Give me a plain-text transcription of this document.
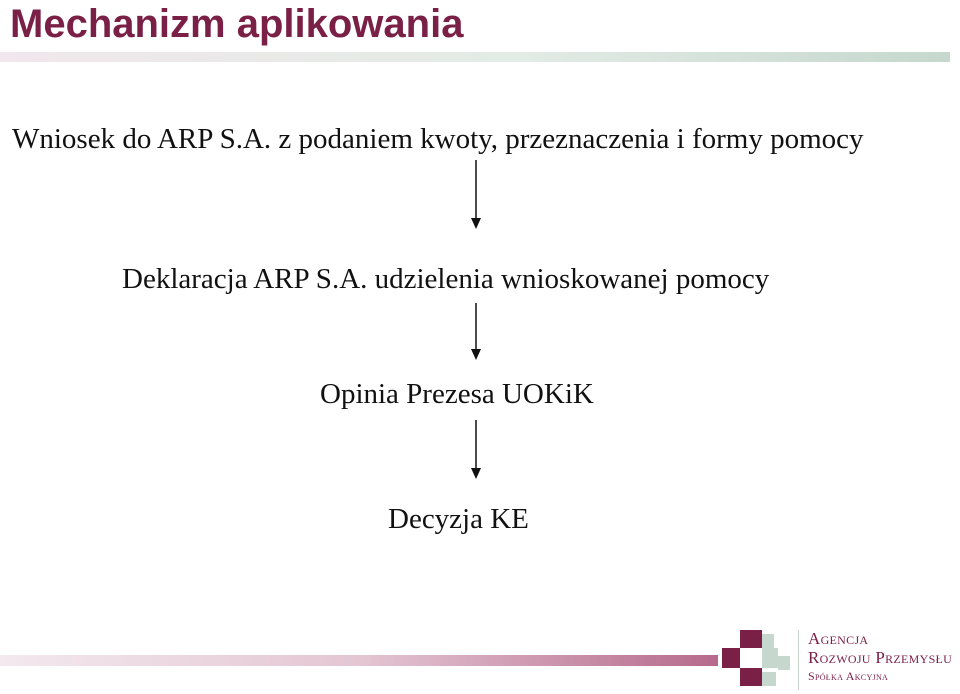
Mechanizm aplikowania
Wniosek do ARP S.A. z podaniem kwoty, przeznaczenia i formy pomocy
Deklaracja ARP S.A. udzielenia wnioskowanej pomocy
Opinia Prezesa UOKiK
Decyzja KE
Agencja
Rozwoju Przemysłu
Spółka Akcyjna
